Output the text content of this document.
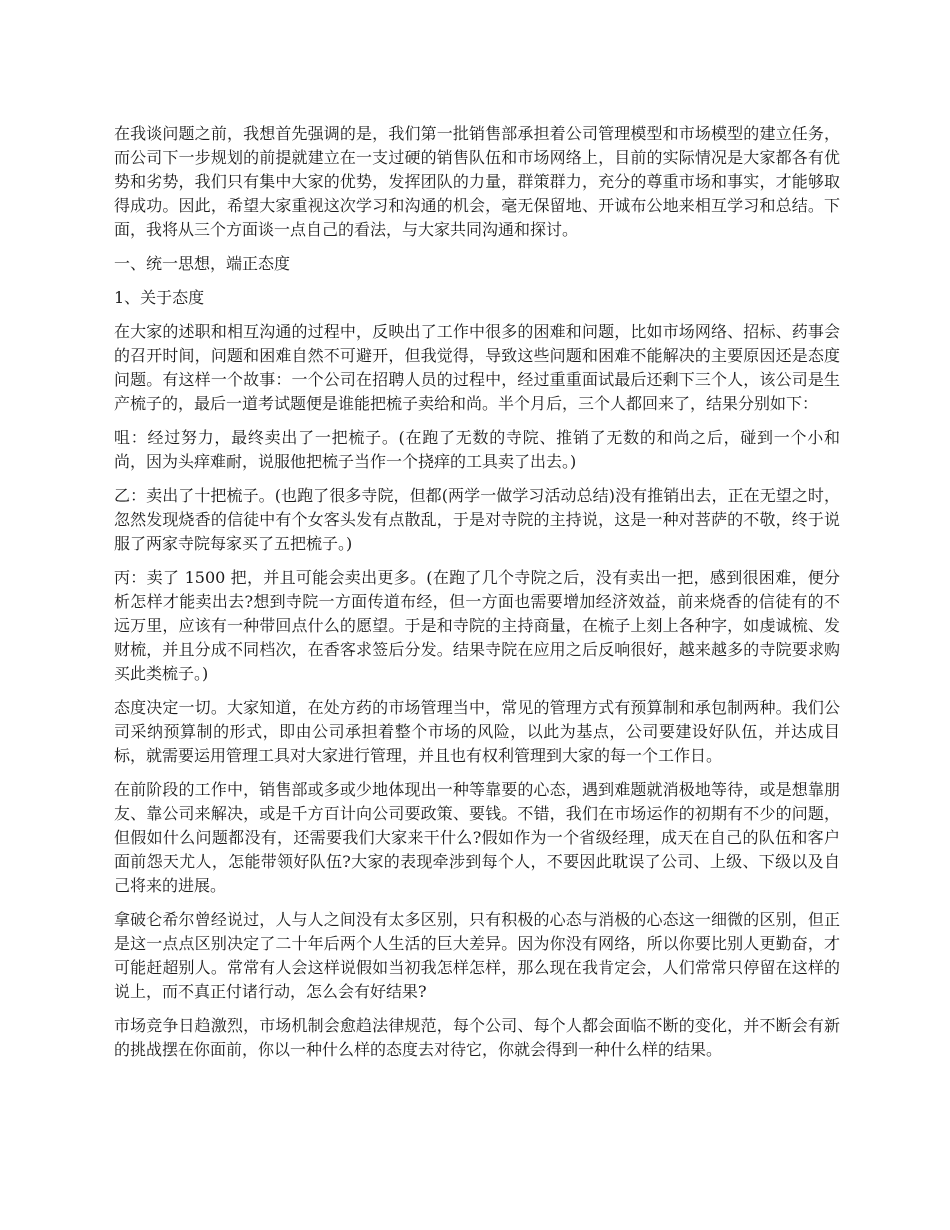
在我谈问题之前，我想首先强调的是，我们第一批销售部承担着公司管理模型和市场模型的建立任务，而公司下一步规划的前提就建立在一支过硬的销售队伍和市场网络上，目前的实际情况是大家都各有优势和劣势，我们只有集中大家的优势，发挥团队的力量，群策群力，充分的尊重市场和事实，才能够取得成功。因此，希望大家重视这次学习和沟通的机会，毫无保留地、开诚布公地来相互学习和总结。下面，我将从三个方面谈一点自己的看法，与大家共同沟通和探讨。

一、统一思想，端正态度

1、关于态度

在大家的述职和相互沟通的过程中，反映出了工作中很多的困难和问题，比如市场网络、招标、药事会的召开时间，问题和困难自然不可避开，但我觉得，导致这些问题和困难不能解决的主要原因还是态度问题。有这样一个故事：一个公司在招聘人员的过程中，经过重重面试最后还剩下三个人，该公司是生产梳子的，最后一道考试题便是谁能把梳子卖给和尚。半个月后，三个人都回来了，结果分别如下：

咀：经过努力，最终卖出了一把梳子。(在跑了无数的寺院、推销了无数的和尚之后，碰到一个小和尚，因为头痒难耐，说服他把梳子当作一个挠痒的工具卖了出去。)

乙：卖出了十把梳子。(也跑了很多寺院，但都(两学一做学习活动总结)没有推销出去，正在无望之时，忽然发现烧香的信徒中有个女客头发有点散乱，于是对寺院的主持说，这是一种对菩萨的不敬，终于说服了两家寺院每家买了五把梳子。)

丙：卖了 1500 把，并且可能会卖出更多。(在跑了几个寺院之后，没有卖出一把，感到很困难，便分析怎样才能卖出去?想到寺院一方面传道布经，但一方面也需要增加经济效益，前来烧香的信徒有的不远万里，应该有一种带回点什么的愿望。于是和寺院的主持商量，在梳子上刻上各种字，如虔诚梳、发财梳，并且分成不同档次，在香客求签后分发。结果寺院在应用之后反响很好，越来越多的寺院要求购买此类梳子。)

态度决定一切。大家知道，在处方药的市场管理当中，常见的管理方式有预算制和承包制两种。我们公司采纳预算制的形式，即由公司承担着整个市场的风险，以此为基点，公司要建设好队伍，并达成目标，就需要运用管理工具对大家进行管理，并且也有权利管理到大家的每一个工作日。

在前阶段的工作中，销售部或多或少地体现出一种等靠要的心态，遇到难题就消极地等待，或是想靠朋友、靠公司来解决，或是千方百计向公司要政策、要钱。不错，我们在市场运作的初期有不少的问题，但假如什么问题都没有，还需要我们大家来干什么?假如作为一个省级经理，成天在自己的队伍和客户面前怨天尤人，怎能带领好队伍?大家的表现牵涉到每个人，不要因此耽误了公司、上级、下级以及自己将来的进展。

拿破仑希尔曾经说过，人与人之间没有太多区别，只有积极的心态与消极的心态这一细微的区别，但正是这一点点区别决定了二十年后两个人生活的巨大差异。因为你没有网络，所以你要比别人更勤奋，才可能赶超别人。常常有人会这样说假如当初我怎样怎样，那么现在我肯定会，人们常常只停留在这样的说上，而不真正付诸行动，怎么会有好结果?

市场竞争日趋激烈，市场机制会愈趋法律规范，每个公司、每个人都会面临不断的变化，并不断会有新的挑战摆在你面前，你以一种什么样的态度去对待它，你就会得到一种什么样的结果。
